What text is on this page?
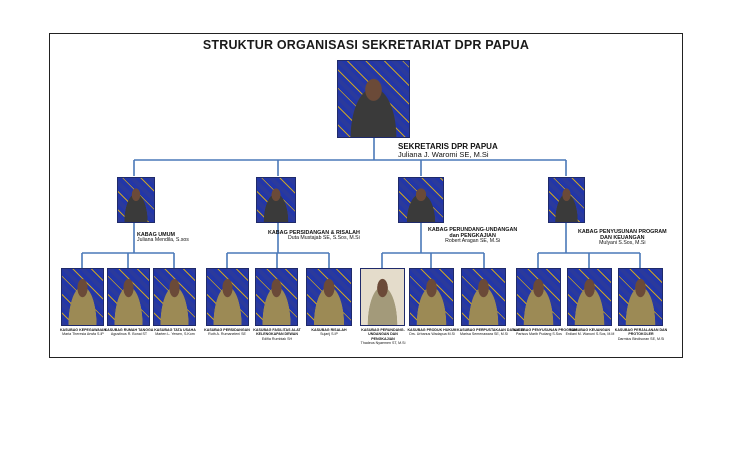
STRUKTUR ORGANISASI SEKRETARIAT DPR PAPUA
SEKRETARIS DPR PAPUA
Juliana J. Waromi SE, M.Si
KABAG UMUM
Juliana Mendila, S.sos
KABAG PERSIDANGAN & RISALAH
Duta Mustajab SE, S.Sos, M.Si
KABAG PERUNDANG-UNDANGAN
dan PENGKAJIAN
Robert Aragan SE, M.Si
KABAG PENYUSUNAN PROGRAM
DAN KEUANGAN
Mulyani S.Sos, M.Si
KASUBAG KEPEGAWAIAN
Maria Theresia Arwfa S.IP
KASUBAG RUMAH TANGGA
Agustinus R. Bonai ST
KASUBAG TATA USAHA
Marten L. Yewen, S.Kom
KASUBAG PERSIDANGAN
Ruth A. Rumaneleni SE
KASUBAG FASILITAS ALAT KELENGKAPAN DEWAN
Edifia Rumbiak SH
KASUBAG RISALAH
Sujarij S.IP
KASUBAG PERUNDANG-UNDANGAN DAN PENGKAJIAN
Thadeus Nyaemen ST, M.Si
KASUBAG PRODUK HUKUM
Drs. Urbanus Wadapua M.Si
KASUBAG PERPUSTAKAAN DATA & TI
Marisa Semenawara SE, M.Si
KASUBAG PENYUSUNAN PROGRAM
Parisus Marib Pudang S.Sos
KASUBAG KEUANGAN
Erdiani M. Wanuni S.Sos, M.M
KASUBAG PERJALANAN DAN PROTOKOLER
Darmius Bindisoran SE, M.Si
